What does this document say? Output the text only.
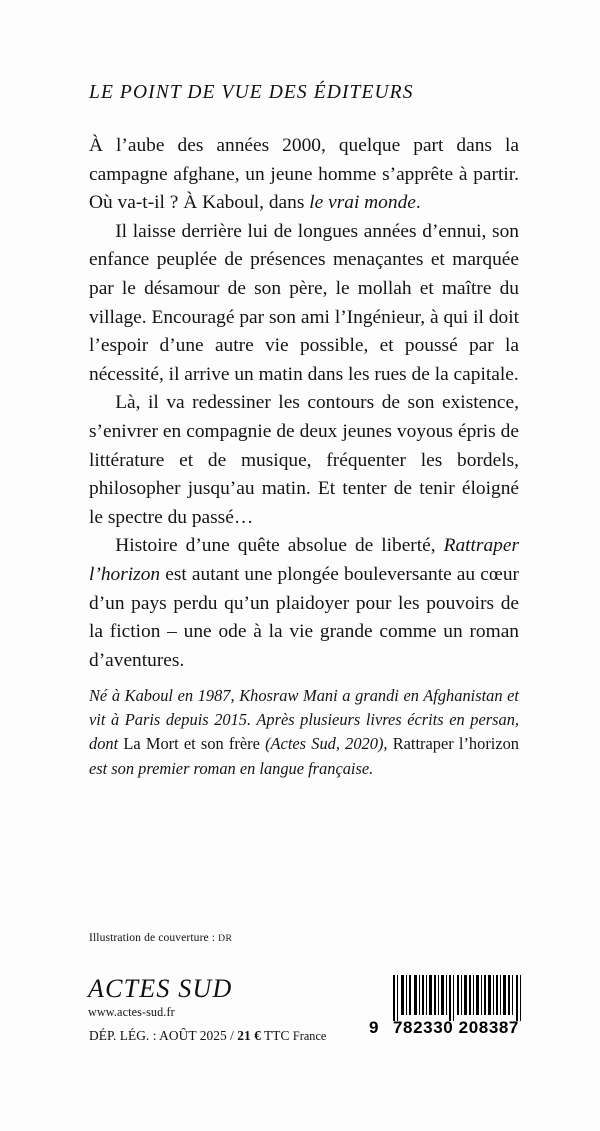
LE POINT DE VUE DES ÉDITEURS

À l’aube des années 2000, quelque part dans la campagne afghane, un jeune homme s’apprête à partir. Où va-t-il ? À Kaboul, dans le vrai monde.

Il laisse derrière lui de longues années d’ennui, son enfance peuplée de présences menaçantes et marquée par le désamour de son père, le mollah et maître du village. Encouragé par son ami l’Ingénieur, à qui il doit l’espoir d’une autre vie possible, et poussé par la nécessité, il arrive un matin dans les rues de la capitale.

Là, il va redessiner les contours de son existence, s’enivrer en compagnie de deux jeunes voyous épris de littérature et de musique, fréquenter les bordels, philosopher jusqu’au matin. Et tenter de tenir éloigné le spectre du passé…

Histoire d’une quête absolue de liberté, Rattraper l’horizon est autant une plongée bouleversante au cœur d’un pays perdu qu’un plaidoyer pour les pouvoirs de la fiction – une ode à la vie grande comme un roman d’aventures.

Né à Kaboul en 1987, Khosraw Mani a grandi en Afghanistan et vit à Paris depuis 2015. Après plusieurs livres écrits en persan, dont La Mort et son frère (Actes Sud, 2020), Rattraper l’horizon est son premier roman en langue française.

Illustration de couverture : DR
ACTES SUD
www.actes-sud.fr
DÉP. LÉG. : AOÛT 2025 / 21 € TTC France	9 782330 208387
